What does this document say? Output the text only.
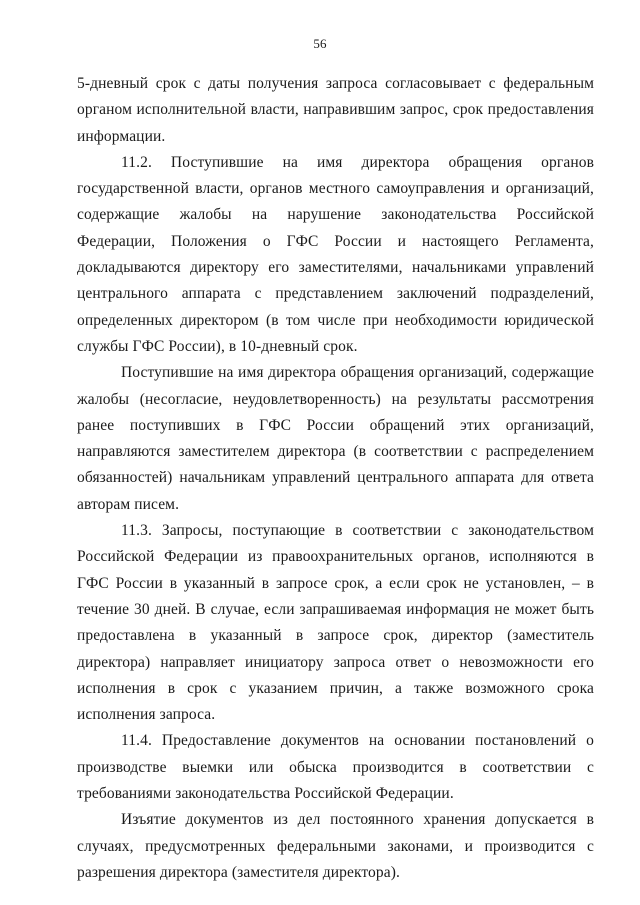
56

5-дневный срок с даты получения запроса согласовывает с федеральным органом исполнительной власти, направившим запрос, срок предоставления информации.

11.2. Поступившие на имя директора обращения органов государственной власти, органов местного самоуправления и организаций, содержащие жалобы на нарушение законодательства Российской Федерации, Положения о ГФС России и настоящего Регламента, докладываются директору его заместителями, начальниками управлений центрального аппарата с представлением заключений подразделений, определенных директором (в том числе при необходимости юридической службы ГФС России), в 10-дневный срок.

Поступившие на имя директора обращения организаций, содержащие жалобы (несогласие, неудовлетворенность) на результаты рассмотрения ранее поступивших в ГФС России обращений этих организаций, направляются заместителем директора (в соответствии с распределением обязанностей) начальникам управлений центрального аппарата для ответа авторам писем.

11.3. Запросы, поступающие в соответствии с законодательством Российской Федерации из правоохранительных органов, исполняются в ГФС России в указанный в запросе срок, а если срок не установлен, – в течение 30 дней. В случае, если запрашиваемая информация не может быть предоставлена в указанный в запросе срок, директор (заместитель директора) направляет инициатору запроса ответ о невозможности его исполнения в срок с указанием причин, а также возможного срока исполнения запроса.

11.4. Предоставление документов на основании постановлений о производстве выемки или обыска производится в соответствии с требованиями законодательства Российской Федерации.

Изъятие документов из дел постоянного хранения допускается в случаях, предусмотренных федеральными законами, и производится с разрешения директора (заместителя директора).
